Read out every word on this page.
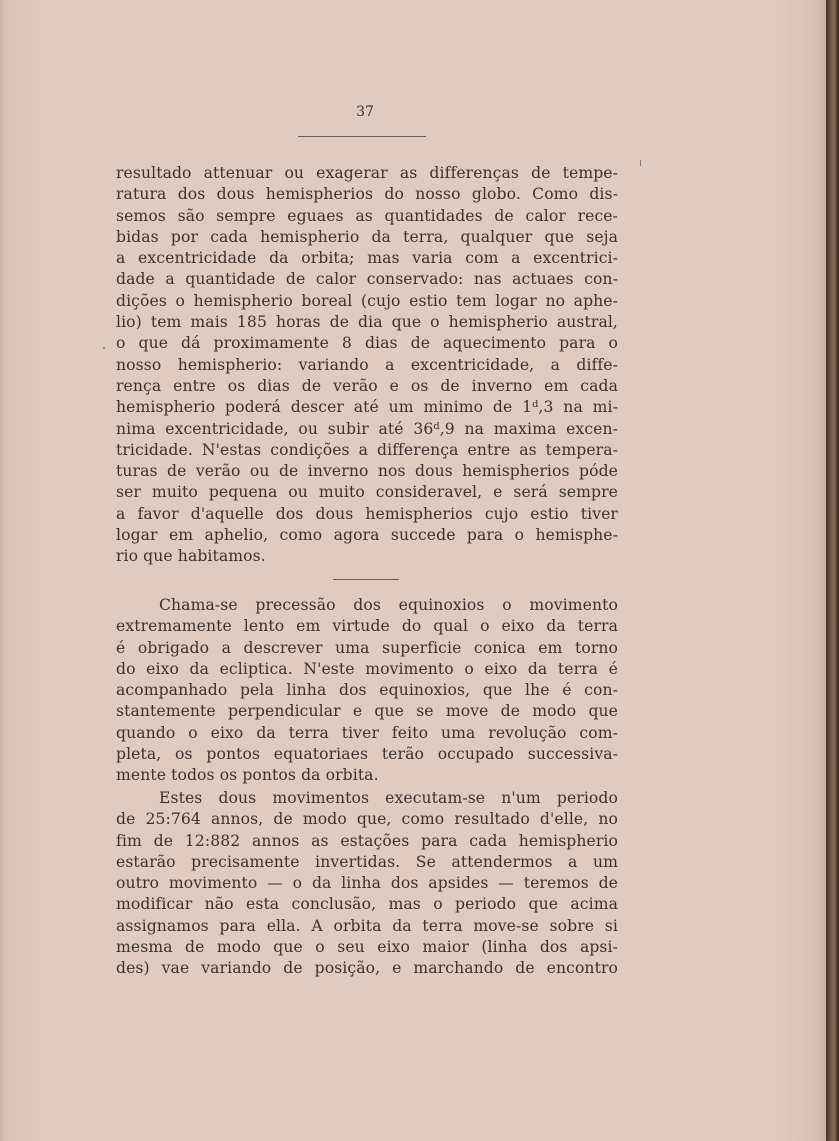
37
resultado attenuar ou exagerar as differenças de tempe-
ratura dos dous hemispherios do nosso globo. Como dis-
semos são sempre eguaes as quantidades de calor rece-
bidas por cada hemispherio da terra, qualquer que seja
a excentricidade da orbita; mas varia com a excentrici-
dade a quantidade de calor conservado: nas actuaes con-
dições o hemispherio boreal (cujo estio tem logar no aphe-
lio) tem mais 185 horas de dia que o hemispherio austral,
o que dá proximamente 8 dias de aquecimento para o
nosso hemispherio: variando a excentricidade, a diffe-
rença entre os dias de verão e os de inverno em cada
hemispherio poderá descer até um minimo de 1ᵈ,3 na mi-
nima excentricidade, ou subir até 36ᵈ,9 na maxima excen-
tricidade. N'estas condições a differença entre as tempera-
turas de verão ou de inverno nos dous hemispherios póde
ser muito pequena ou muito consideravel, e será sempre
a favor d'aquelle dos dous hemispherios cujo estio tiver
logar em aphelio, como agora succede para o hemisphe-
rio que habitamos.
Chama-se precessão dos equinoxios o movimento
extremamente lento em virtude do qual o eixo da terra
é obrigado a descrever uma superficie conica em torno
do eixo da ecliptica. N'este movimento o eixo da terra é
acompanhado pela linha dos equinoxios, que lhe é con-
stantemente perpendicular e que se move de modo que
quando o eixo da terra tiver feito uma revolução com-
pleta, os pontos equatoriaes terão occupado successiva-
mente todos os pontos da orbita.
Estes dous movimentos executam-se n'um periodo
de 25:764 annos, de modo que, como resultado d'elle, no
fim de 12:882 annos as estações para cada hemispherio
estarão precisamente invertidas. Se attendermos a um
outro movimento — o da linha dos apsides — teremos de
modificar não esta conclusão, mas o periodo que acima
assignamos para ella. A orbita da terra move-se sobre si
mesma de modo que o seu eixo maior (linha dos apsi-
des) vae variando de posição, e marchando de encontro
